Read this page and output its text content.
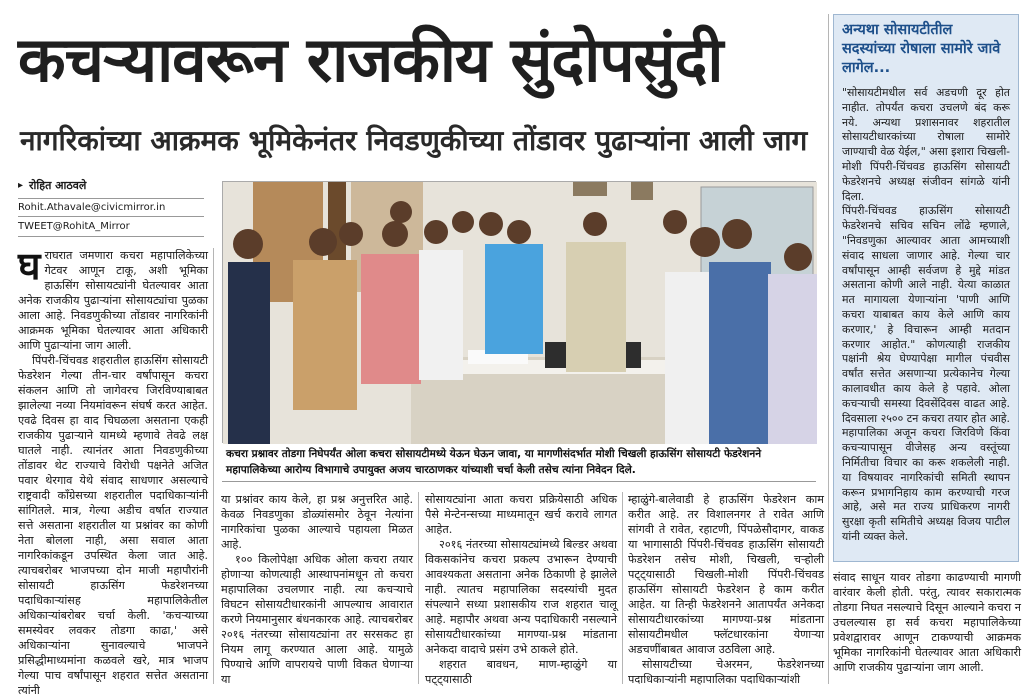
कचऱ्यावरून राजकीय सुंदोपसुंदी
नागरिकांच्या आक्रमक भूमिकेनंतर निवडणुकीच्या तोंडावर पुढाऱ्यांना आली जाग
▸ रोहित आठवले
Rohit.Athavale@civicmirror.in
TWEET@RohitA_Mirror

घराघरात जमणारा कचरा महापालिकेच्या गेटवर आणून टाकू, अशी भूमिका हाऊसिंग सोसायट्यांनी घेतल्यावर आता अनेक राजकीय पुढाऱ्यांना सोसायट्यांचा पुळका आला आहे. निवडणुकीच्या तोंडावर नागरिकांनी आक्रमक भूमिका घेतल्यावर आता अधिकारी आणि पुढाऱ्यांना जाग आली.

पिंपरी-चिंचवड शहरातील हाऊसिंग सोसायटी फेडरेशन गेल्या तीन-चार वर्षांपासून कचरा संकलन आणि तो जागेवरच जिरविण्याबाबत झालेल्या नव्या नियमांवरून संघर्ष करत आहेत. एवढे दिवस हा वाद चिघळला असताना एकही राजकीय पुढाऱ्याने यामध्ये म्हणावे तेवढे लक्ष घातले नाही. त्यानंतर आता निवडणुकीच्या तोंडावर थेट राज्याचे विरोधी पक्षनेते अजित पवार थेरगाव येथे संवाद साधणार असल्याचे राष्ट्रवादी काँग्रेसच्या शहरातील पदाधिकाऱ्यांनी सांगितले. मात्र, गेल्या अडीच वर्षात राज्यात सत्ते असताना शहरातील या प्रश्नांवर का कोणी नेता बोलला नाही, असा सवाल आता नागरिकांकडून उपस्थित केला जात आहे. त्याचबरोबर भाजपच्या दोन माजी महापौरांनी सोसायटी हाऊसिंग फेडरेशनच्या पदाधिकाऱ्यांसह महापालिकेतील अधिकाऱ्यांबरोबर चर्चा केली. 'कचऱ्याच्या समस्येवर लवकर तोडगा काढा,' असे अधिकाऱ्यांना सुनावल्याचे भाजपने प्रसिद्धीमाध्यमांना कळवले खरे, मात्र भाजप गेल्या पाच वर्षांपासून शहरात सत्तेत असताना त्यांनी

कचरा प्रश्नावर तोडगा निघेपर्यंत ओला कचरा सोसायटीमध्ये येऊन घेऊन जावा, या मागणीसंदर्भात मोशी चिखली हाऊसिंग सोसायटी फेडरेशनने महापालिकेच्या आरोग्य विभागाचे उपायुक्त अजय चारठाणकर यांच्याशी चर्चा केली तसेच त्यांना निवेदन दिले.

या प्रश्नांवर काय केले, हा प्रश्न अनुत्तरित आहे. केवळ निवडणुका डोळ्यांसमोर ठेवून नेत्यांना नागरिकांचा पुळका आल्याचे पहायला मिळत आहे.

१०० किलोपेक्षा अधिक ओला कचरा तयार होणाऱ्या कोणत्याही आस्थापनांमधून तो कचरा महापालिका उचलणार नाही. त्या कचऱ्याचे विघटन सोसायटीधारकांनी आपल्याच आवारात करणे नियमानुसार बंधनकारक आहे. त्याचबरोबर २०१६ नंतरच्या सोसायट्यांना तर सरसकट हा नियम लागू करण्यात आला आहे. यामुळे पिण्याचे आणि वापरायचे पाणी विकत घेणाऱ्या या

सोसायट्यांना आता कचरा प्रक्रियेसाठी अधिक पैसे मेन्टेनन्सच्या माध्यमातून खर्च करावे लागत आहेत.

२०१६ नंतरच्या सोसायट्यांमध्ये बिल्डर अथवा विकसकांनेच कचरा प्रकल्प उभारून देण्याची आवश्यकता असताना अनेक ठिकाणी हे झालेले नाही. त्यातच महापालिका सदस्यांची मुदत संपल्याने सध्या प्रशासकीय राज शहरात चालू आहे. महापौर अथवा अन्य पदाधिकारी नसल्याने सोसायटीधारकांच्या मागण्या-प्रश्न मांडताना अनेकदा वादाचे प्रसंग उभे ठाकले होते.

शहरात बावधन, माण-म्हाळुंगे या पट्ट्यासाठी

म्हाळुंगे-बालेवाडी हे हाऊसिंग फेडरेशन काम करीत आहे. तर विशालनगर ते रावेत आणि सांगवी ते रावेत, रहाटणी, पिंपळेसौदागर, वाकड या भागासाठी पिंपरी-चिंचवड हाऊसिंग सोसायटी फेडरेशन तसेच मोशी, चिखली, चऱ्होली पट्ट्यासाठी चिखली-मोशी पिंपरी-चिंचवड हाऊसिंग सोसायटी फेडरेशन हे काम करीत आहेत. या तिन्ही फेडरेशनने आतापर्यंत अनेकदा सोसायटीधारकांच्या मागण्या-प्रश्न मांडताना सोसायटीमधील फ्लॅटधारकांना येणाऱ्या अडचणींबाबत आवाज उठविला आहे.

सोसायटीच्या चेअरमन, फेडरेशनच्या पदाधिकाऱ्यांनी महापालिका पदाधिकाऱ्यांशी

अन्यथा सोसायटीतील सदस्यांच्या रोषाला सामोरे जावे लागेल...

"सोसायटीमधील सर्व अडचणी दूर होत नाहीत. तोपर्यंत कचरा उचलणे बंद करू नये. अन्यथा प्रशासनावर शहरातील सोसायटीधारकांच्या रोषाला सामोरे जाण्याची वेळ येईल," असा इशारा चिखली-मोशी पिंपरी-चिंचवड हाऊसिंग सोसायटी फेडरेशनचे अध्यक्ष संजीवन सांगळे यांनी दिला.

पिंपरी-चिंचवड हाऊसिंग सोसायटी फेडरेशनचे सचिव सचिन लोंढे म्हणाले, "निवडणुका आल्यावर आता आमच्याशी संवाद साधला जाणार आहे. गेल्या चार वर्षांपासून आम्ही सर्वजण हे मुद्दे मांडत असताना कोणी आले नाही. येत्या काळात मत मागायला येणाऱ्यांना 'पाणी आणि कचरा याबाबत काय केले आणि काय करणार,' हे विचारून आम्ही मतदान करणार आहोत." कोणत्याही राजकीय पक्षांनी श्रेय घेण्यापेक्षा मागील पंचवीस वर्षांत सत्तेत असणाऱ्या प्रत्येकानेच गेल्या कालावधीत काय केले हे पहावे. ओला कचऱ्याची समस्या दिवसेंदिवस वाढत आहे. दिवसाला २५०० टन कचरा तयार होत आहे. महापालिका अजून कचरा जिरविणे किंवा कचऱ्यापासून वीजेसह अन्य वस्तूंच्या निर्मितीचा विचार का करू शकलेली नाही. या विषयावर नागरिकांची समिती स्थापन करून प्रभागनिहाय काम करण्याची गरज आहे, असे मत राज्य प्राधिकरण नागरी सुरक्षा कृती समितीचे अध्यक्ष विजय पाटील यांनी व्यक्त केले.

संवाद साधून यावर तोडगा काढण्याची मागणी वारंवार केली होती. परंतु, त्यावर सकारात्मक तोडगा निघत नसल्याचे दिसून आल्याने कचरा न उचलल्यास हा सर्व कचरा महापालिकेच्या प्रवेशद्वारावर आणून टाकण्याची आक्रमक भूमिका नागरिकांनी घेतल्यावर आता अधिकारी आणि राजकीय पुढाऱ्यांना जाग आली.
